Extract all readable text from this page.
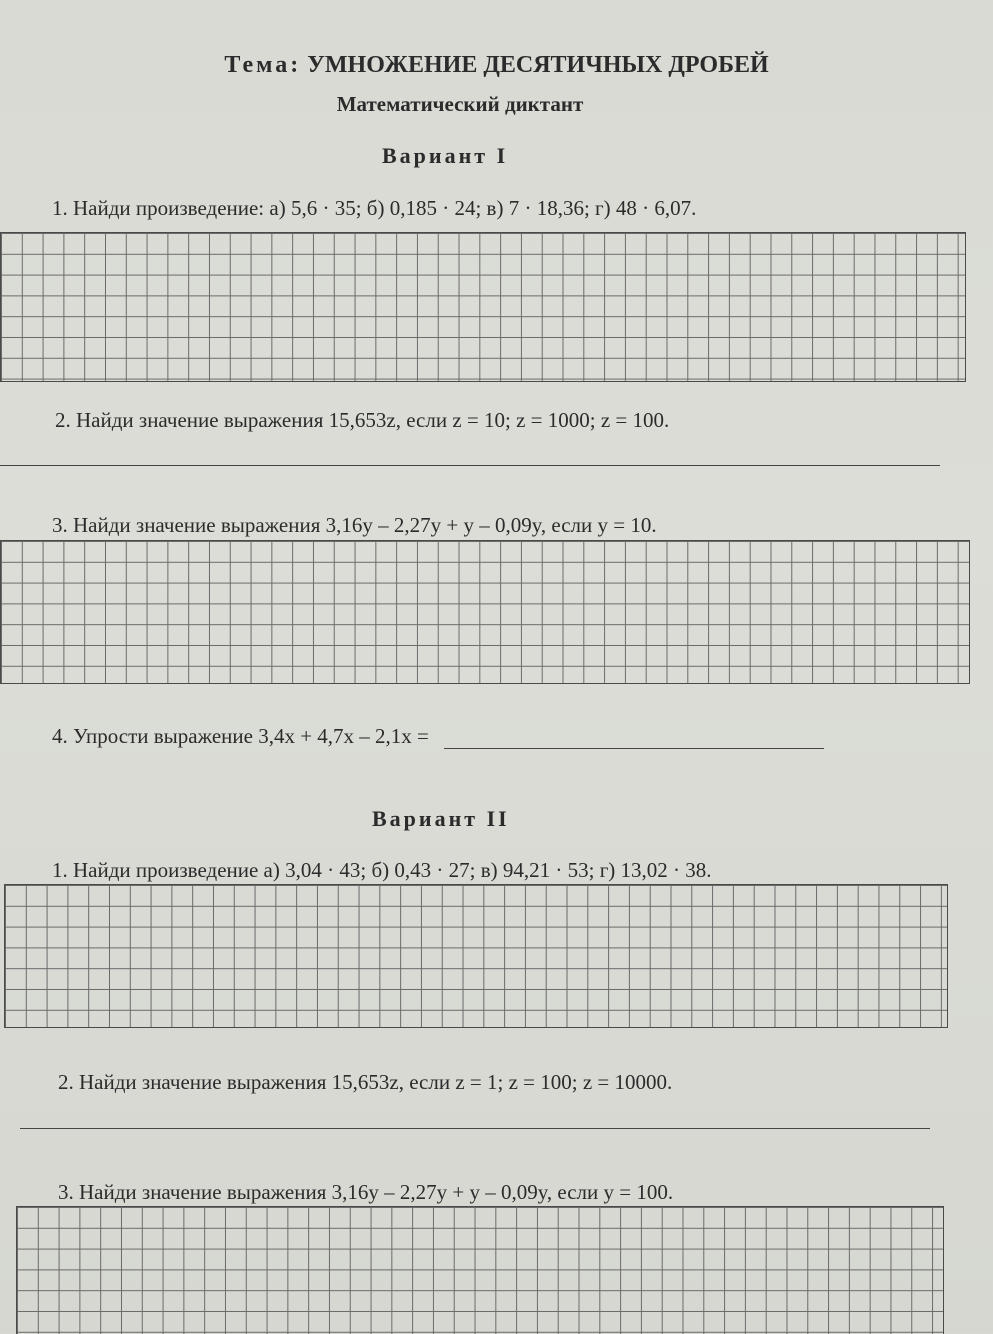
Тема: УМНОЖЕНИЕ ДЕСЯТИЧНЫХ ДРОБЕЙ
Математический диктант
Вариант I
1. Найди произведение: а) 5,6 · 35; б) 0,185 · 24; в) 7 · 18,36; г) 48 · 6,07.
2. Найди значение выражения 15,653z, если z = 10; z = 1000; z = 100.
3. Найди значение выражения 3,16y – 2,27y + y – 0,09y, если y = 10.
4. Упрости выражение 3,4x + 4,7x – 2,1x =
Вариант II
1. Найди произведение а) 3,04 · 43; б) 0,43 · 27; в) 94,21 · 53; г) 13,02 · 38.
2. Найди значение выражения 15,653z, если z = 1; z = 100; z = 10000.
3. Найди значение выражения 3,16y – 2,27y + y – 0,09y, если y = 100.
